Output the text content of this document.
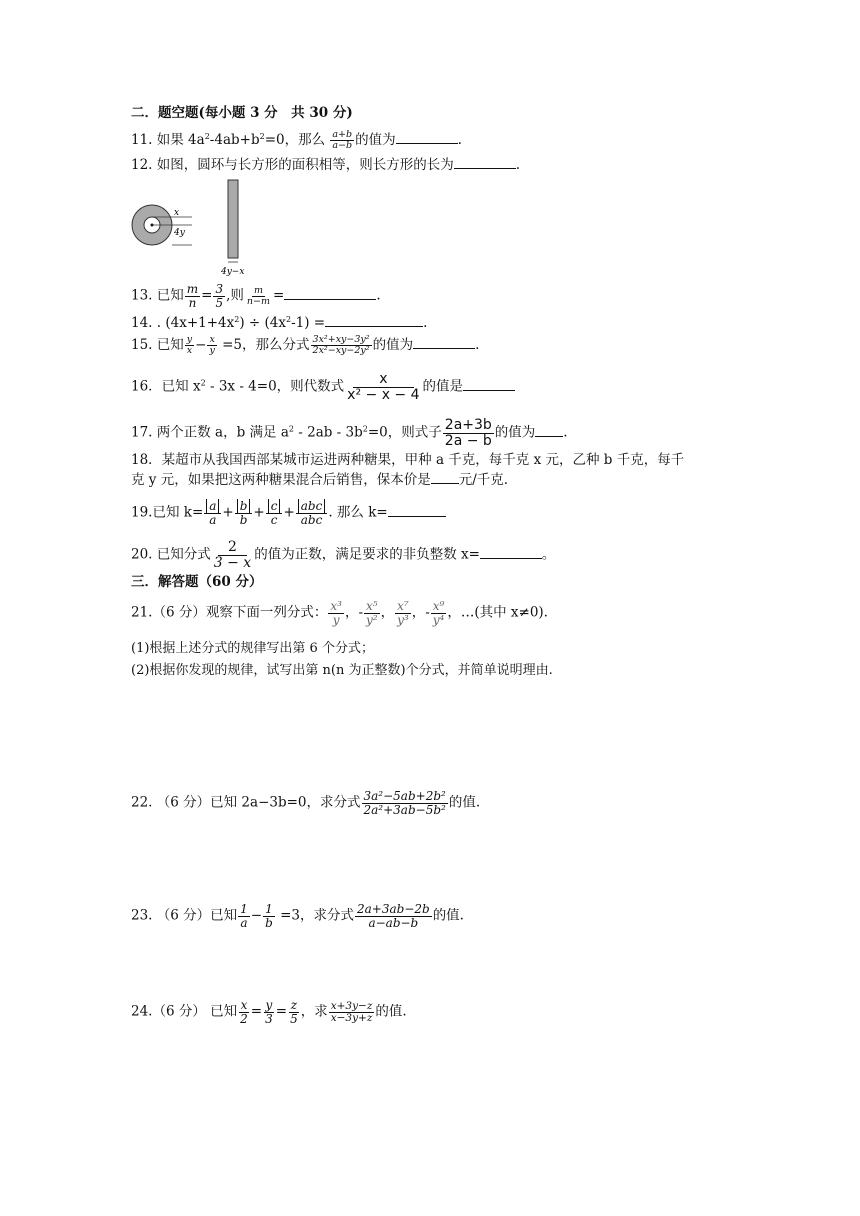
二．题空题(每小题 3 分　共 30 分)
11. 如果 $4a^2-4ab+b^2=0$，那么 $\frac{a+b}{a-b}$ 的值为	.
12. 如图，圆环与长方形的面积相等，则长方形的长为	.
x
4y
4y−x
13. 已知 $\frac{m}{n} = \frac{3}{5}$ ,则 $\frac{m}{n-m}$ =	.
14. . $(4x+1+4x^2) \div (4x^2-1)$ =	.
15. 已知 $\frac{y}{x} - \frac{x}{y} =5$，那么分式 $\frac{\text{3x²+xy−3y²}}{\text{2x²−xy−2y²}}$ 的值为	.
16．已知 $x^2 - 3x - 4=0$，则代数式 $\frac{x}{\text{x² − x − 4}}$ 的值是
17. 两个正数 a，b 满足 $a^2 - 2ab - 3b^2=0$，则式子 $\frac{2a+3b}{2a - b}$ 的值为 .
18．某超市从我国西部某城市运进两种糖果，甲种 a 千克，每千克 x 元，乙种 b 千克，每千
克 y 元，如果把这两种糖果混合后销售，保本价是 元/千克.
19.已知 $k= \frac{a}{a} + \frac{b}{b} + \frac{c}{c}$ + abc
abc . 那么 k=
20. 已知分式 $\frac{2}{3 - x}$ 的值为正数，满足要求的非负整数 x=	。
三．解答题（60 分）
21.（6 分）观察下面一列分式： $\frac{\text{x³}}{y}$ ，- $\frac{\text{x⁵}}{\text{y²}}$ ， $\frac{\text{x⁷}}{\text{y³}}$ ，- $\frac{\text{x⁹}}{\text{y⁴}}$ ，…(其中 x≠0).
(1)根据上述分式的规律写出第 6 个分式；
(2)根据你发现的规律，试写出第 n(n 为正整数)个分式，并简单说明理由.
22. （6 分）已知 2a−3b=0，求分式 $\frac{\text{3a²−5ab+2b²}}{\text{2a²+3ab−5b²}}$ 的值.
23. （6 分）已知 $\frac{1}{a} - \frac{1}{b} =3$，求分式 $\frac{2a+3ab-2b}{a-ab-b}$ 的值.
24.（6 分） 已知 $\frac{x}{2} = \frac{y}{3} = \frac{z}{5}$ ，求 $\frac{x+3y-z}{x-3y+z}$ 的值.
